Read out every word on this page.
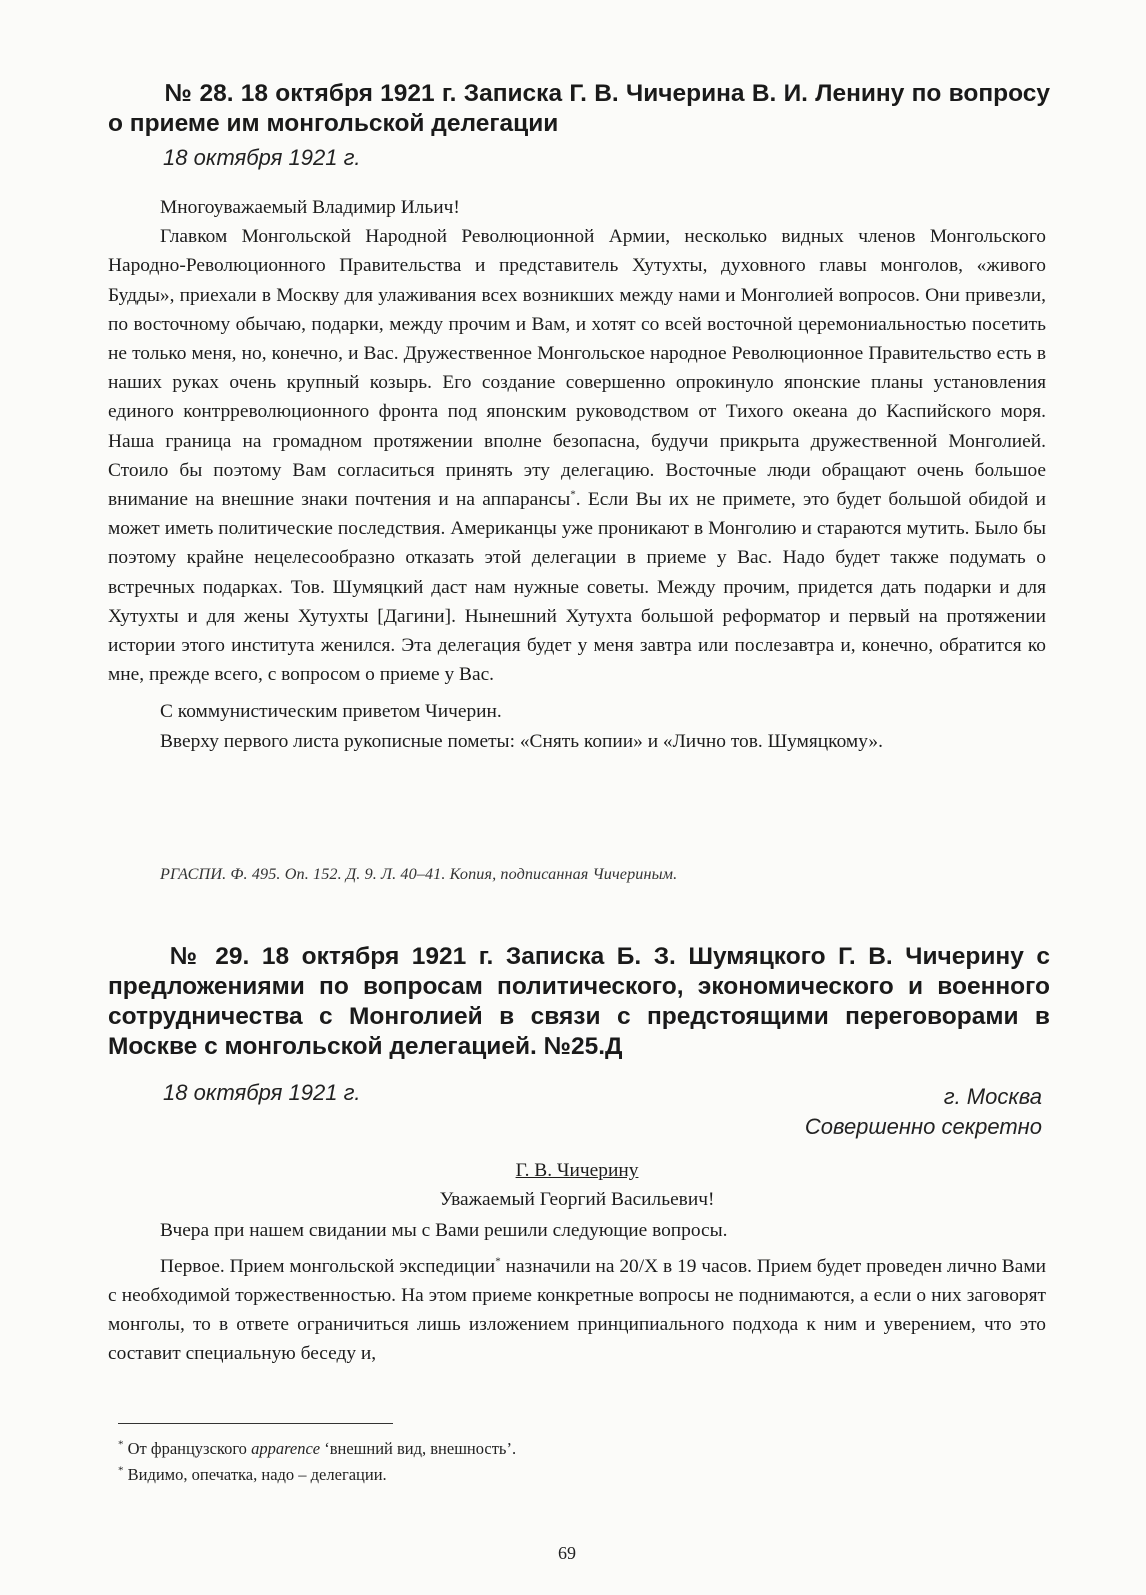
№ 28. 18 октября 1921 г. Записка Г. В. Чичерина В. И. Ленину по вопросу о приеме им монгольской делегации
18 октября 1921 г.

Многоуважаемый Владимир Ильич!

Главком Монгольской Народной Революционной Армии, несколько видных членов Монгольского Народно-Революционного Правительства и представитель Хутухты, духовного главы монголов, «живого Будды», приехали в Москву для улаживания всех возникших между нами и Монголией вопросов. Они привезли, по восточному обычаю, подарки, между прочим и Вам, и хотят со всей восточной церемониальностью посетить не только меня, но, конечно, и Вас. Дружественное Монгольское народное Революционное Правительство есть в наших руках очень крупный козырь. Его создание совершенно опрокинуло японские планы установления единого контрреволюционного фронта под японским руководством от Тихого океана до Каспийского моря. Наша граница на громадном протяжении вполне безопасна, будучи прикрыта дружественной Монголией. Стоило бы поэтому Вам согласиться принять эту делегацию. Восточные люди обращают очень большое внимание на внешние знаки почтения и на аппарансы*. Если Вы их не примете, это будет большой обидой и может иметь политические последствия. Американцы уже проникают в Монголию и стараются мутить. Было бы поэтому крайне нецелесообразно отказать этой делегации в приеме у Вас. Надо будет также подумать о встречных подарках. Тов. Шумяцкий даст нам нужные советы. Между прочим, придется дать подарки и для Хутухты и для жены Хутухты [Дагини]. Нынешний Хутухта большой реформатор и первый на протяжении истории этого института женился. Эта делегация будет у меня завтра или послезавтра и, конечно, обратится ко мне, прежде всего, с вопросом о приеме у Вас.

С коммунистическим приветом Чичерин.

Вверху первого листа рукописные пометы: «Снять копии» и «Лично тов. Шумяцкому».

РГАСПИ. Ф. 495. Оп. 152. Д. 9. Л. 40–41. Копия, подписанная Чичериным.
№ 29. 18 октября 1921 г. Записка Б. З. Шумяцкого Г. В. Чичерину с предложениями по вопросам политического, экономического и военного сотрудничества с Монголией в связи с предстоящими переговорами в Москве с монгольской делегацией. №25.Д
18 октября 1921 г.	г. Москва
Совершенно секретно

Г. В. Чичерину

Уважаемый Георгий Васильевич!

Вчера при нашем свидании мы с Вами решили следующие вопросы.

Первое. Прием монгольской экспедиции* назначили на 20/X в 19 часов. Прием будет проведен лично Вами с необходимой торжественностью. На этом приеме конкретные вопросы не поднимаются, а если о них заговорят монголы, то в ответе ограничиться лишь изложением принципиального подхода к ним и уверением, что это составит специальную беседу и,

* От французского apparence ‘внешний вид, внешность’.
* Видимо, опечатка, надо – делегации.
69
